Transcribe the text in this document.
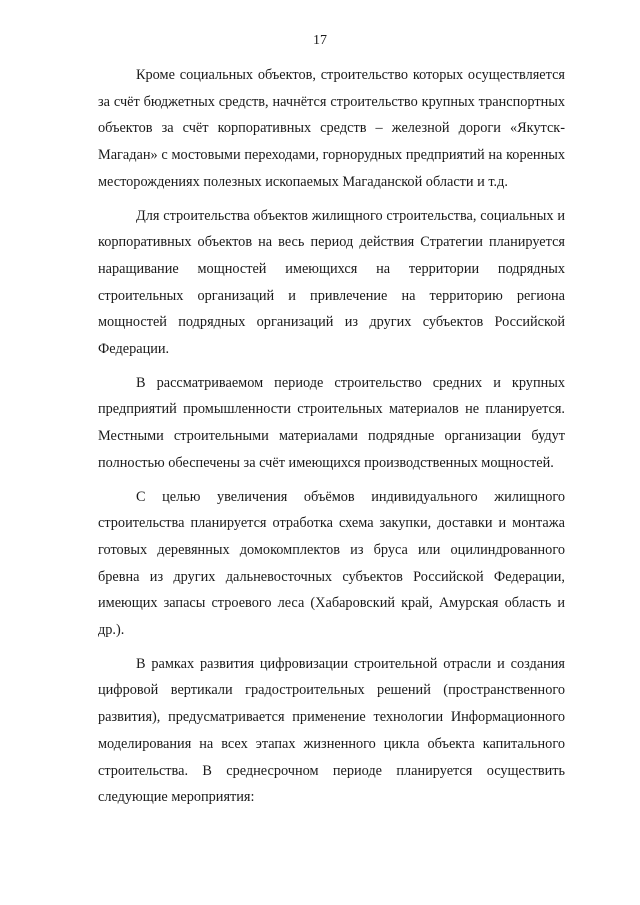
17

Кроме социальных объектов, строительство которых осуществляется за счёт бюджетных средств, начнётся строительство крупных транспортных объектов за счёт корпоративных средств – железной дороги «Якутск-Магадан» с мостовыми переходами, горнорудных предприятий на коренных месторождениях полезных ископаемых Магаданской области и т.д.

Для строительства объектов жилищного строительства, социальных и корпоративных объектов на весь период действия Стратегии планируется наращивание мощностей имеющихся на территории подрядных строительных организаций и привлечение на территорию региона мощностей подрядных организаций из других субъектов Российской Федерации.

В рассматриваемом периоде строительство средних и крупных предприятий промышленности строительных материалов не планируется. Местными строительными материалами подрядные организации будут полностью обеспечены за счёт имеющихся производственных мощностей.

С целью увеличения объёмов индивидуального жилищного строительства планируется отработка схема закупки, доставки и монтажа готовых деревянных домокомплектов из бруса или оцилиндрованного бревна из других дальневосточных субъектов Российской Федерации, имеющих запасы строевого леса (Хабаровский край, Амурская область и др.).

В рамках развития цифровизации строительной отрасли и создания цифровой вертикали градостроительных решений (пространственного развития), предусматривается применение технологии Информационного моделирования на всех этапах жизненного цикла объекта капитального строительства. В среднесрочном периоде планируется осуществить следующие мероприятия:
